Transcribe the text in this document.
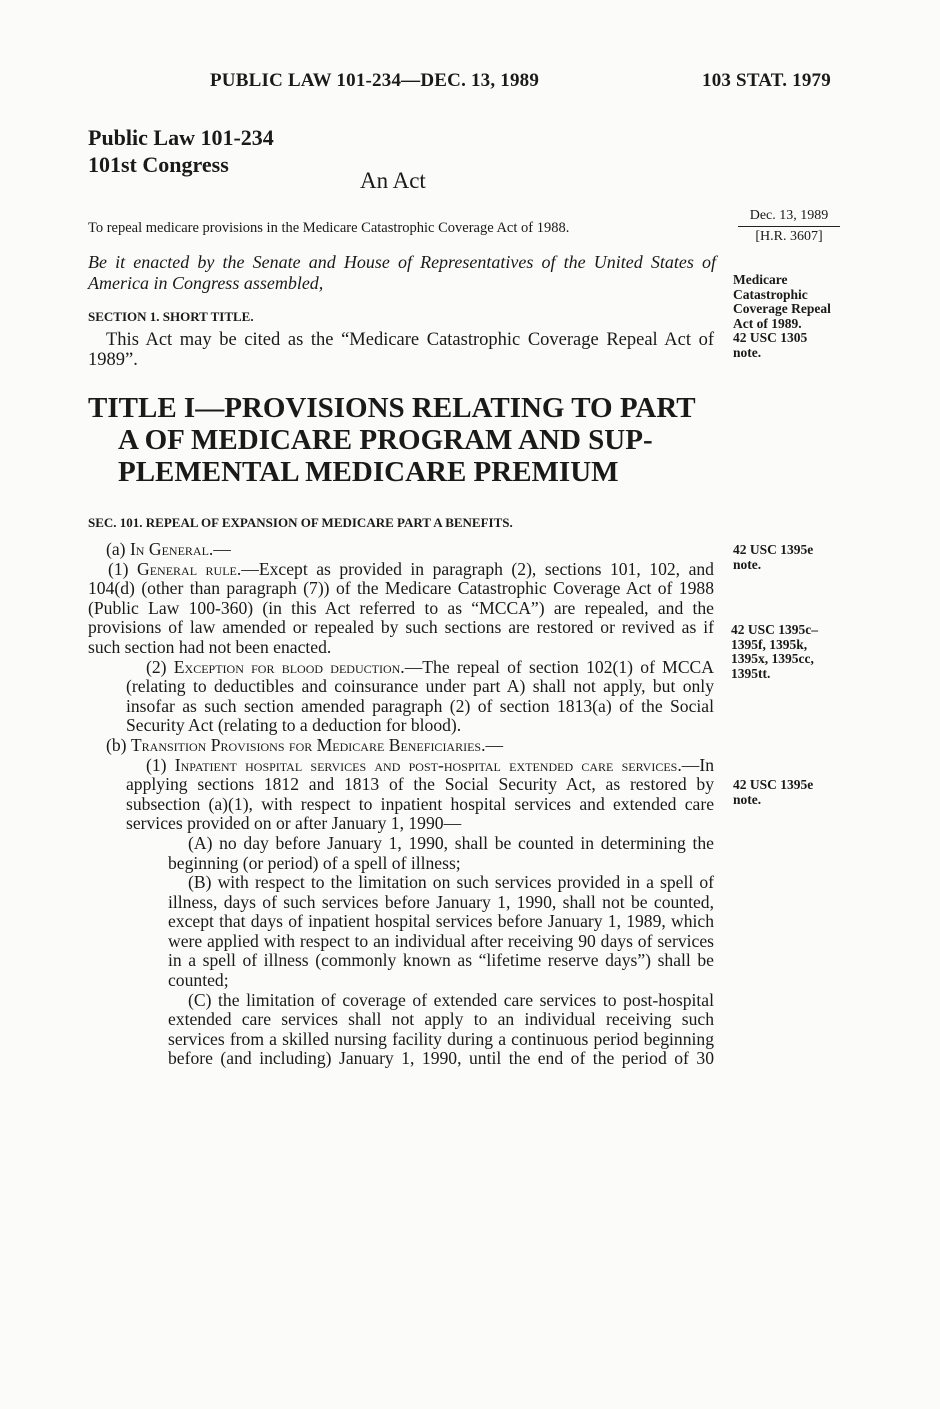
PUBLIC LAW 101-234—DEC. 13, 1989	103 STAT. 1979
Public Law 101-234
101st Congress
An Act
To repeal medicare provisions in the Medicare Catastrophic Coverage Act of 1988.
Dec. 13, 1989
[H.R. 3607]
Be it enacted by the Senate and House of Representatives of the United States of America in Congress assembled,
SECTION 1. SHORT TITLE.
This Act may be cited as the “Medicare Catastrophic Coverage Repeal Act of 1989”.
Medicare
Catastrophic
Coverage Repeal
Act of 1989.
42 USC 1305
note.
TITLE I—PROVISIONS RELATING TO PART
A OF MEDICARE PROGRAM AND SUP-
PLEMENTAL MEDICARE PREMIUM
SEC. 101. REPEAL OF EXPANSION OF MEDICARE PART A BENEFITS.

(a) In General.—

(1) General rule.—Except as provided in paragraph (2), sections 101, 102, and 104(d) (other than paragraph (7)) of the Medicare Catastrophic Coverage Act of 1988 (Public Law 100-360) (in this Act referred to as “MCCA”) are repealed, and the provisions of law amended or repealed by such sections are restored or revived as if such section had not been enacted.

(2) Exception for blood deduction.—The repeal of section 102(1) of MCCA (relating to deductibles and coinsurance under part A) shall not apply, but only insofar as such section amended paragraph (2) of section 1813(a) of the Social Security Act (relating to a deduction for blood).

(b) Transition Provisions for Medicare Beneficiaries.—

(1) Inpatient hospital services and post-hospital extended care services.—In applying sections 1812 and 1813 of the Social Security Act, as restored by subsection (a)(1), with respect to inpatient hospital services and extended care services provided on or after January 1, 1990—

(A) no day before January 1, 1990, shall be counted in determining the beginning (or period) of a spell of illness;

(B) with respect to the limitation on such services provided in a spell of illness, days of such services before January 1, 1990, shall not be counted, except that days of inpatient hospital services before January 1, 1989, which were applied with respect to an individual after receiving 90 days of services in a spell of illness (commonly known as “lifetime reserve days”) shall be counted;

(C) the limitation of coverage of extended care services to post-hospital extended care services shall not apply to an individual receiving such services from a skilled nursing facility during a continuous period beginning before (and including) January 1, 1990, until the end of the period of 30

42 USC 1395e
note.
42 USC 1395c–
1395f, 1395k,
1395x, 1395cc,
1395tt.
42 USC 1395e
note.
